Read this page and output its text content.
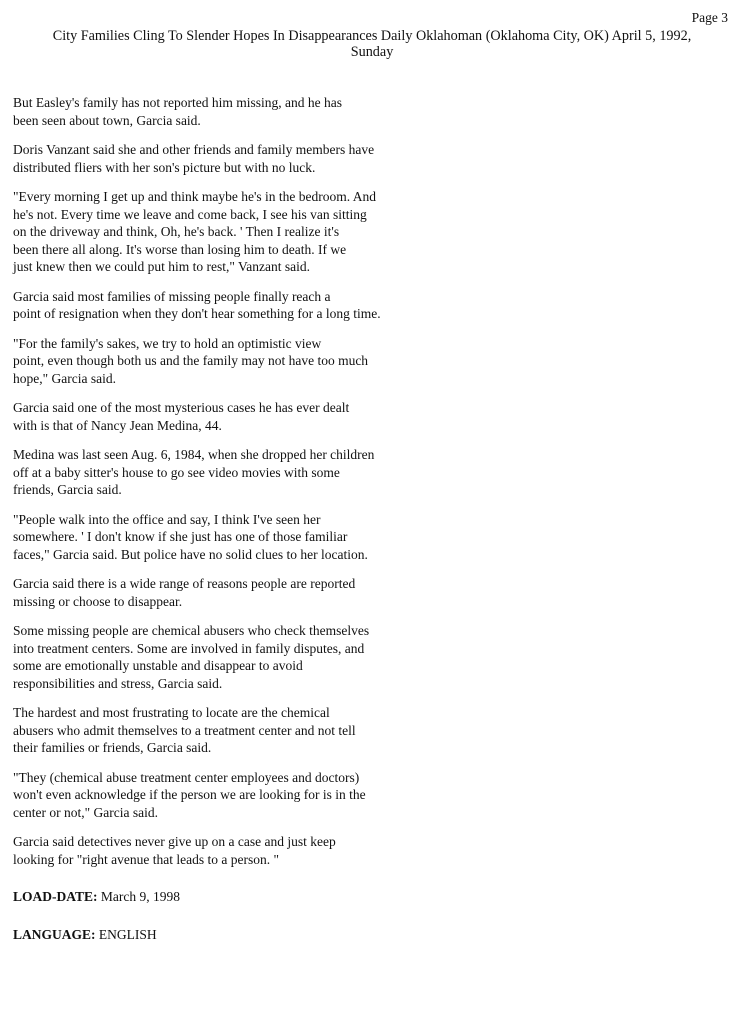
Page 3
City Families Cling To Slender Hopes In Disappearances Daily Oklahoman (Oklahoma City, OK) April 5, 1992,
Sunday
But Easley's family has not reported him missing, and he has
been seen about town, Garcia said.
Doris Vanzant said she and other friends and family members have
distributed fliers with her son's picture but with no luck.
"Every morning I get up and think maybe he's in the bedroom. And
he's not. Every time we leave and come back, I see his van sitting
on the driveway and think, Oh, he's back. ' Then I realize it's
been there all along. It's worse than losing him to death. If we
just knew then we could put him to rest," Vanzant said.
Garcia said most families of missing people finally reach a
point of resignation when they don't hear something for a long time.
"For the family's sakes, we try to hold an optimistic view
point, even though both us and the family may not have too much
hope," Garcia said.
Garcia said one of the most mysterious cases he has ever dealt
with is that of Nancy Jean Medina, 44.
Medina was last seen Aug. 6, 1984, when she dropped her children
off at a baby sitter's house to go see video movies with some
friends, Garcia said.
"People walk into the office and say, I think I've seen her
somewhere. ' I don't know if she just has one of those familiar
faces," Garcia said. But police have no solid clues to her location.
Garcia said there is a wide range of reasons people are reported
missing or choose to disappear.
Some missing people are chemical abusers who check themselves
into treatment centers. Some are involved in family disputes, and
some are emotionally unstable and disappear to avoid
responsibilities and stress, Garcia said.
The hardest and most frustrating to locate are the chemical
abusers who admit themselves to a treatment center and not tell
their families or friends, Garcia said.
"They (chemical abuse treatment center employees and doctors)
won't even acknowledge if the person we are looking for is in the
center or not," Garcia said.
Garcia said detectives never give up on a case and just keep
looking for "right avenue that leads to a person. "
LOAD-DATE: March 9, 1998
LANGUAGE: ENGLISH
